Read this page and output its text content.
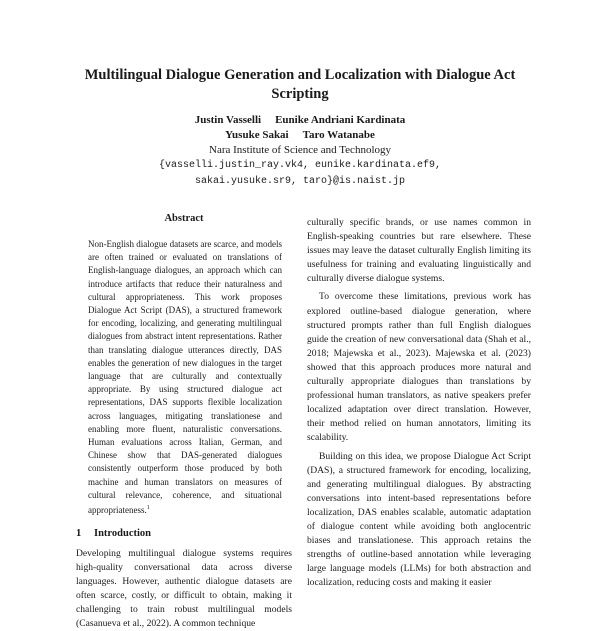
Multilingual Dialogue Generation and Localization with Dialogue Act Scripting
Justin Vasselli Eunike Andriani Kardinata
Yusuke Sakai Taro Watanabe
Nara Institute of Science and Technology
{vasselli.justin_ray.vk4, eunike.kardinata.ef9,
sakai.yusuke.sr9, taro}@is.naist.jp
Abstract
Non-English dialogue datasets are scarce, and models are often trained or evaluated on translations of English-language dialogues, an approach which can introduce artifacts that reduce their naturalness and cultural appropriateness. This work proposes Dialogue Act Script (DAS), a structured framework for encoding, localizing, and generating multilingual dialogues from abstract intent representations. Rather than translating dialogue utterances directly, DAS enables the generation of new dialogues in the target language that are culturally and contextually appropriate. By using structured dialogue act representations, DAS supports flexible localization across languages, mitigating translationese and enabling more fluent, naturalistic conversations. Human evaluations across Italian, German, and Chinese show that DAS-generated dialogues consistently outperform those produced by both machine and human translators on measures of cultural relevance, coherence, and situational appropriateness.$^1$
1 Introduction
Developing multilingual dialogue systems requires high-quality conversational data across diverse languages. However, authentic dialogue datasets are often scarce, costly, or difficult to obtain, making it challenging to train robust multilingual models (Casanueva et al., 2022). A common technique
culturally specific brands, or use names common in English-speaking countries but rare elsewhere. These issues may leave the dataset culturally English limiting its usefulness for training and evaluating linguistically and culturally diverse dialogue systems.
To overcome these limitations, previous work has explored outline-based dialogue generation, where structured prompts rather than full English dialogues guide the creation of new conversational data (Shah et al., 2018; Majewska et al., 2023). Majewska et al. (2023) showed that this approach produces more natural and culturally appropriate dialogues than translations by professional human translators, as native speakers prefer localized adaptation over direct translation. However, their method relied on human annotators, limiting its scalability.
Building on this idea, we propose Dialogue Act Script (DAS), a structured framework for encoding, localizing, and generating multilingual dialogues. By abstracting conversations into intent-based representations before localization, DAS enables scalable, automatic adaptation of dialogue content while avoiding both anglocentric biases and translationese. This approach retains the strengths of outline-based annotation while leveraging large language models (LLMs) for both abstraction and localization, reducing costs and making it easier
